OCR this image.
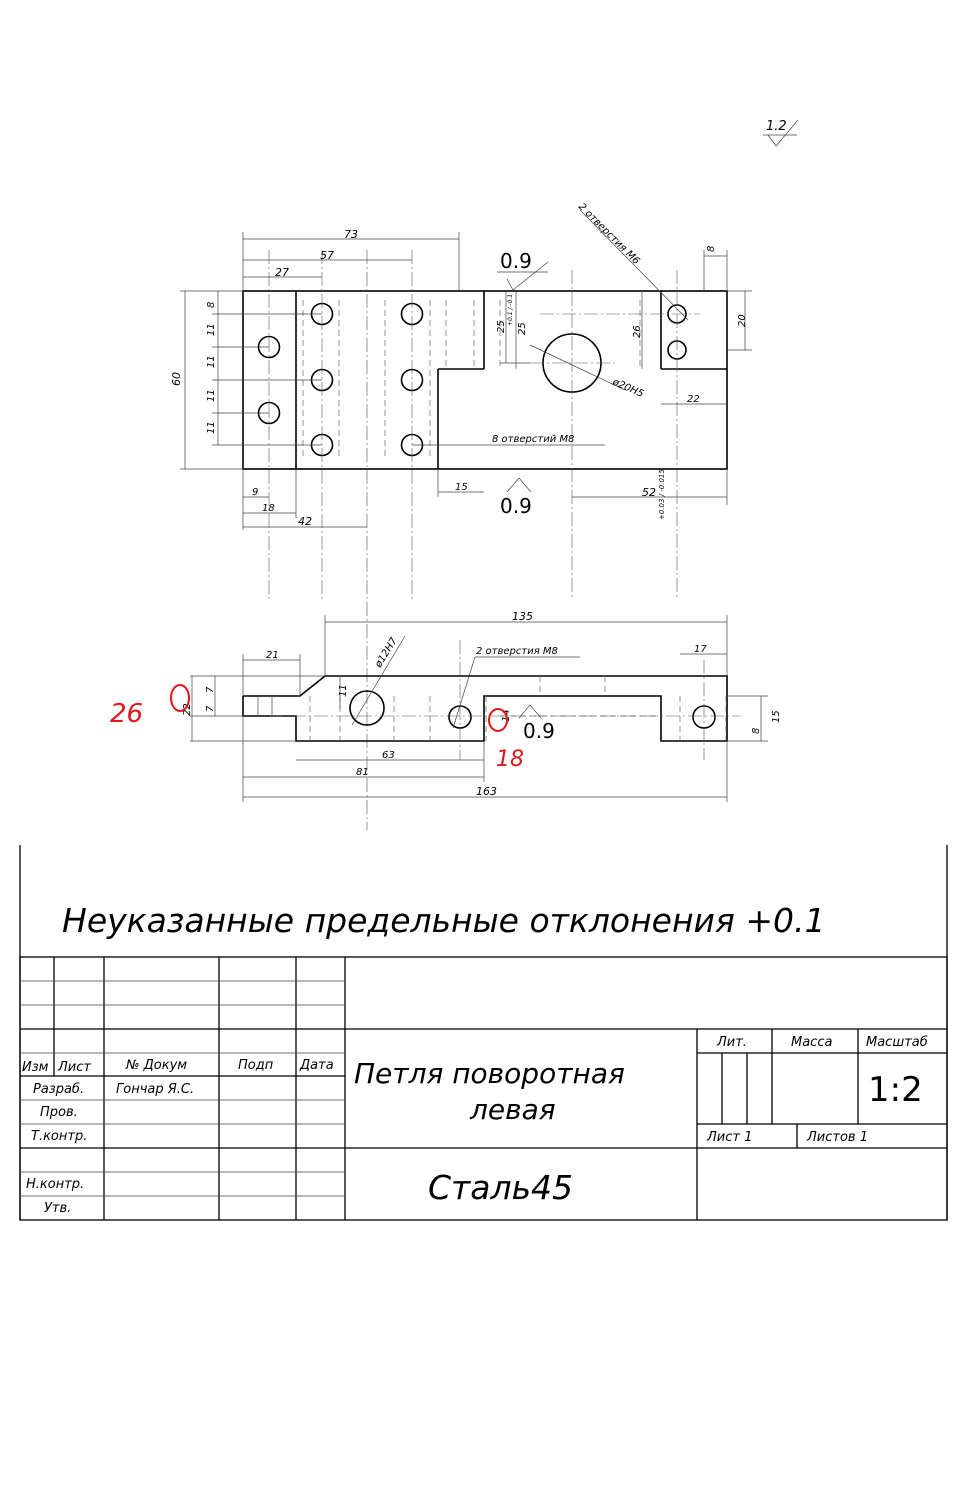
1.2
73
57
27
60
8
11
11
11
11
9
18
42
15	52 +0.03 / -0.015
8 отверстий М8
ø20Н5
25 25
+0.1 / -0.1
26
20
22
8
2 отверстия М6
0.9
0.9
135
21
17
7
7
22
11
14
63
81
163
15
8
ø12Н7	2 отверстия М8
0.9
26
18
Неуказанные предельные отклонения +0.1
Изм Лист	№ Докум	Подп Дата
Разраб. Гончар Я.С.
Пров.
Т.контр.
Н.контр.
Утв.
Петля поворотная
левая
Сталь45
Лит.	Масса	Масштаб
1:2
Лист 1	Листов 1
